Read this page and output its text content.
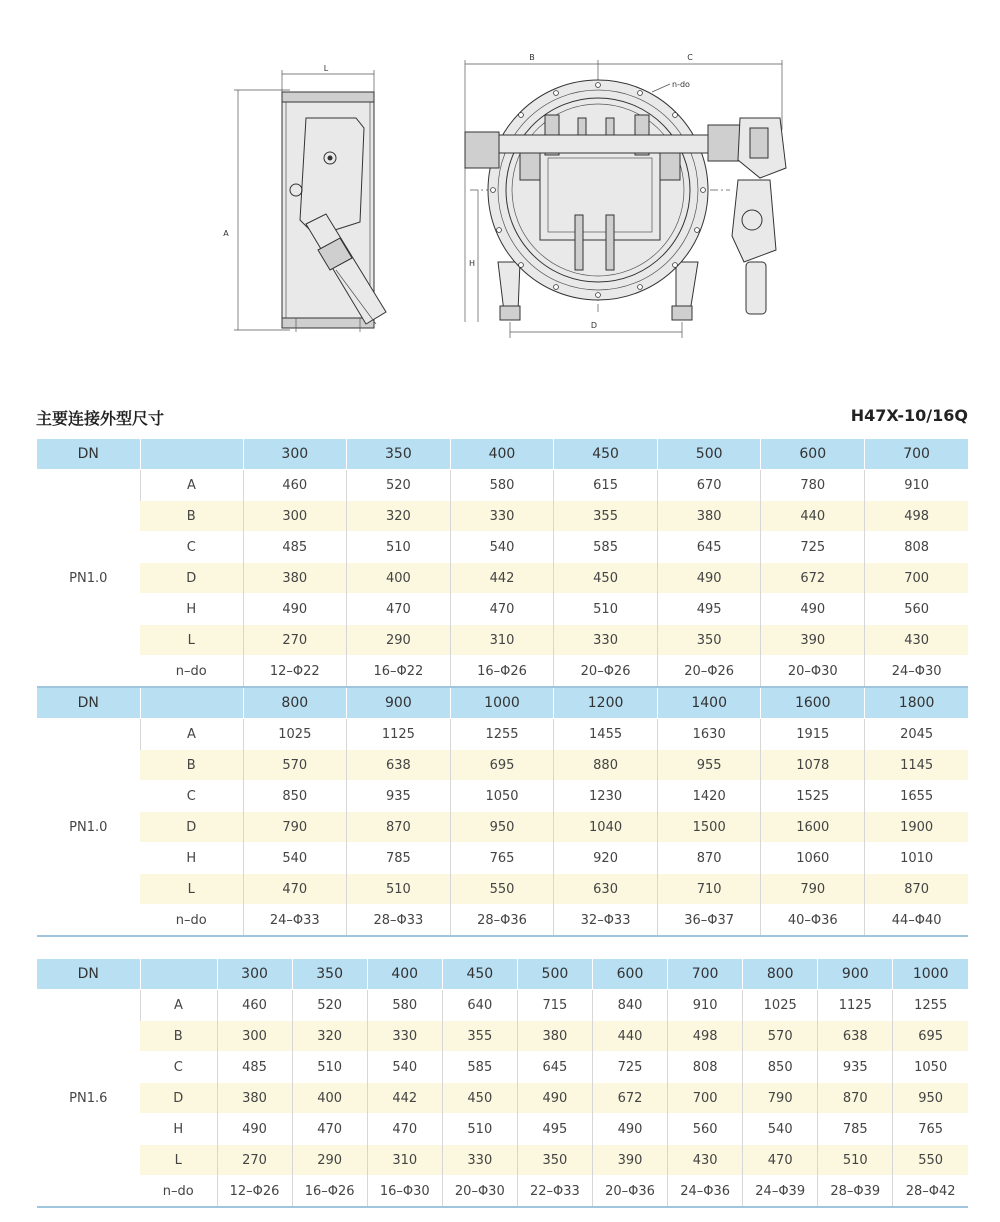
L
A
B	C
n-do
H
D
主要连接外型尺寸	H47X-10/16Q
DN		300	350	400	450	500	600	700
PN1.0	A	460	520	580	615	670	780	910
	B	300	320	330	355	380	440	498
	C	485	510	540	585	645	725	808
	D	380	400	442	450	490	672	700
	H	490	470	470	510	495	490	560
	L	270	290	310	330	350	390	430
	n–do	12–Φ22	16–Φ22	16–Φ26	20–Φ26	20–Φ26	20–Φ30	24–Φ30
DN		800	900	1000	1200	1400	1600	1800
PN1.0	A	1025	1125	1255	1455	1630	1915	2045
	B	570	638	695	880	955	1078	1145
	C	850	935	1050	1230	1420	1525	1655
	D	790	870	950	1040	1500	1600	1900
	H	540	785	765	920	870	1060	1010
	L	470	510	550	630	710	790	870
	n–do	24–Φ33	28–Φ33	28–Φ36	32–Φ33	36–Φ37	40–Φ36	44–Φ40
DN		300	350	400	450	500	600	700	800	900	1000
PN1.6	A	460	520	580	640	715	840	910	1025	1125	1255
	B	300	320	330	355	380	440	498	570	638	695
	C	485	510	540	585	645	725	808	850	935	1050
	D	380	400	442	450	490	672	700	790	870	950
	H	490	470	470	510	495	490	560	540	785	765
	L	270	290	310	330	350	390	430	470	510	550
	n–do	12–Φ26	16–Φ26	16–Φ30	20–Φ30	22–Φ33	20–Φ36	24–Φ36	24–Φ39	28–Φ39	28–Φ42
